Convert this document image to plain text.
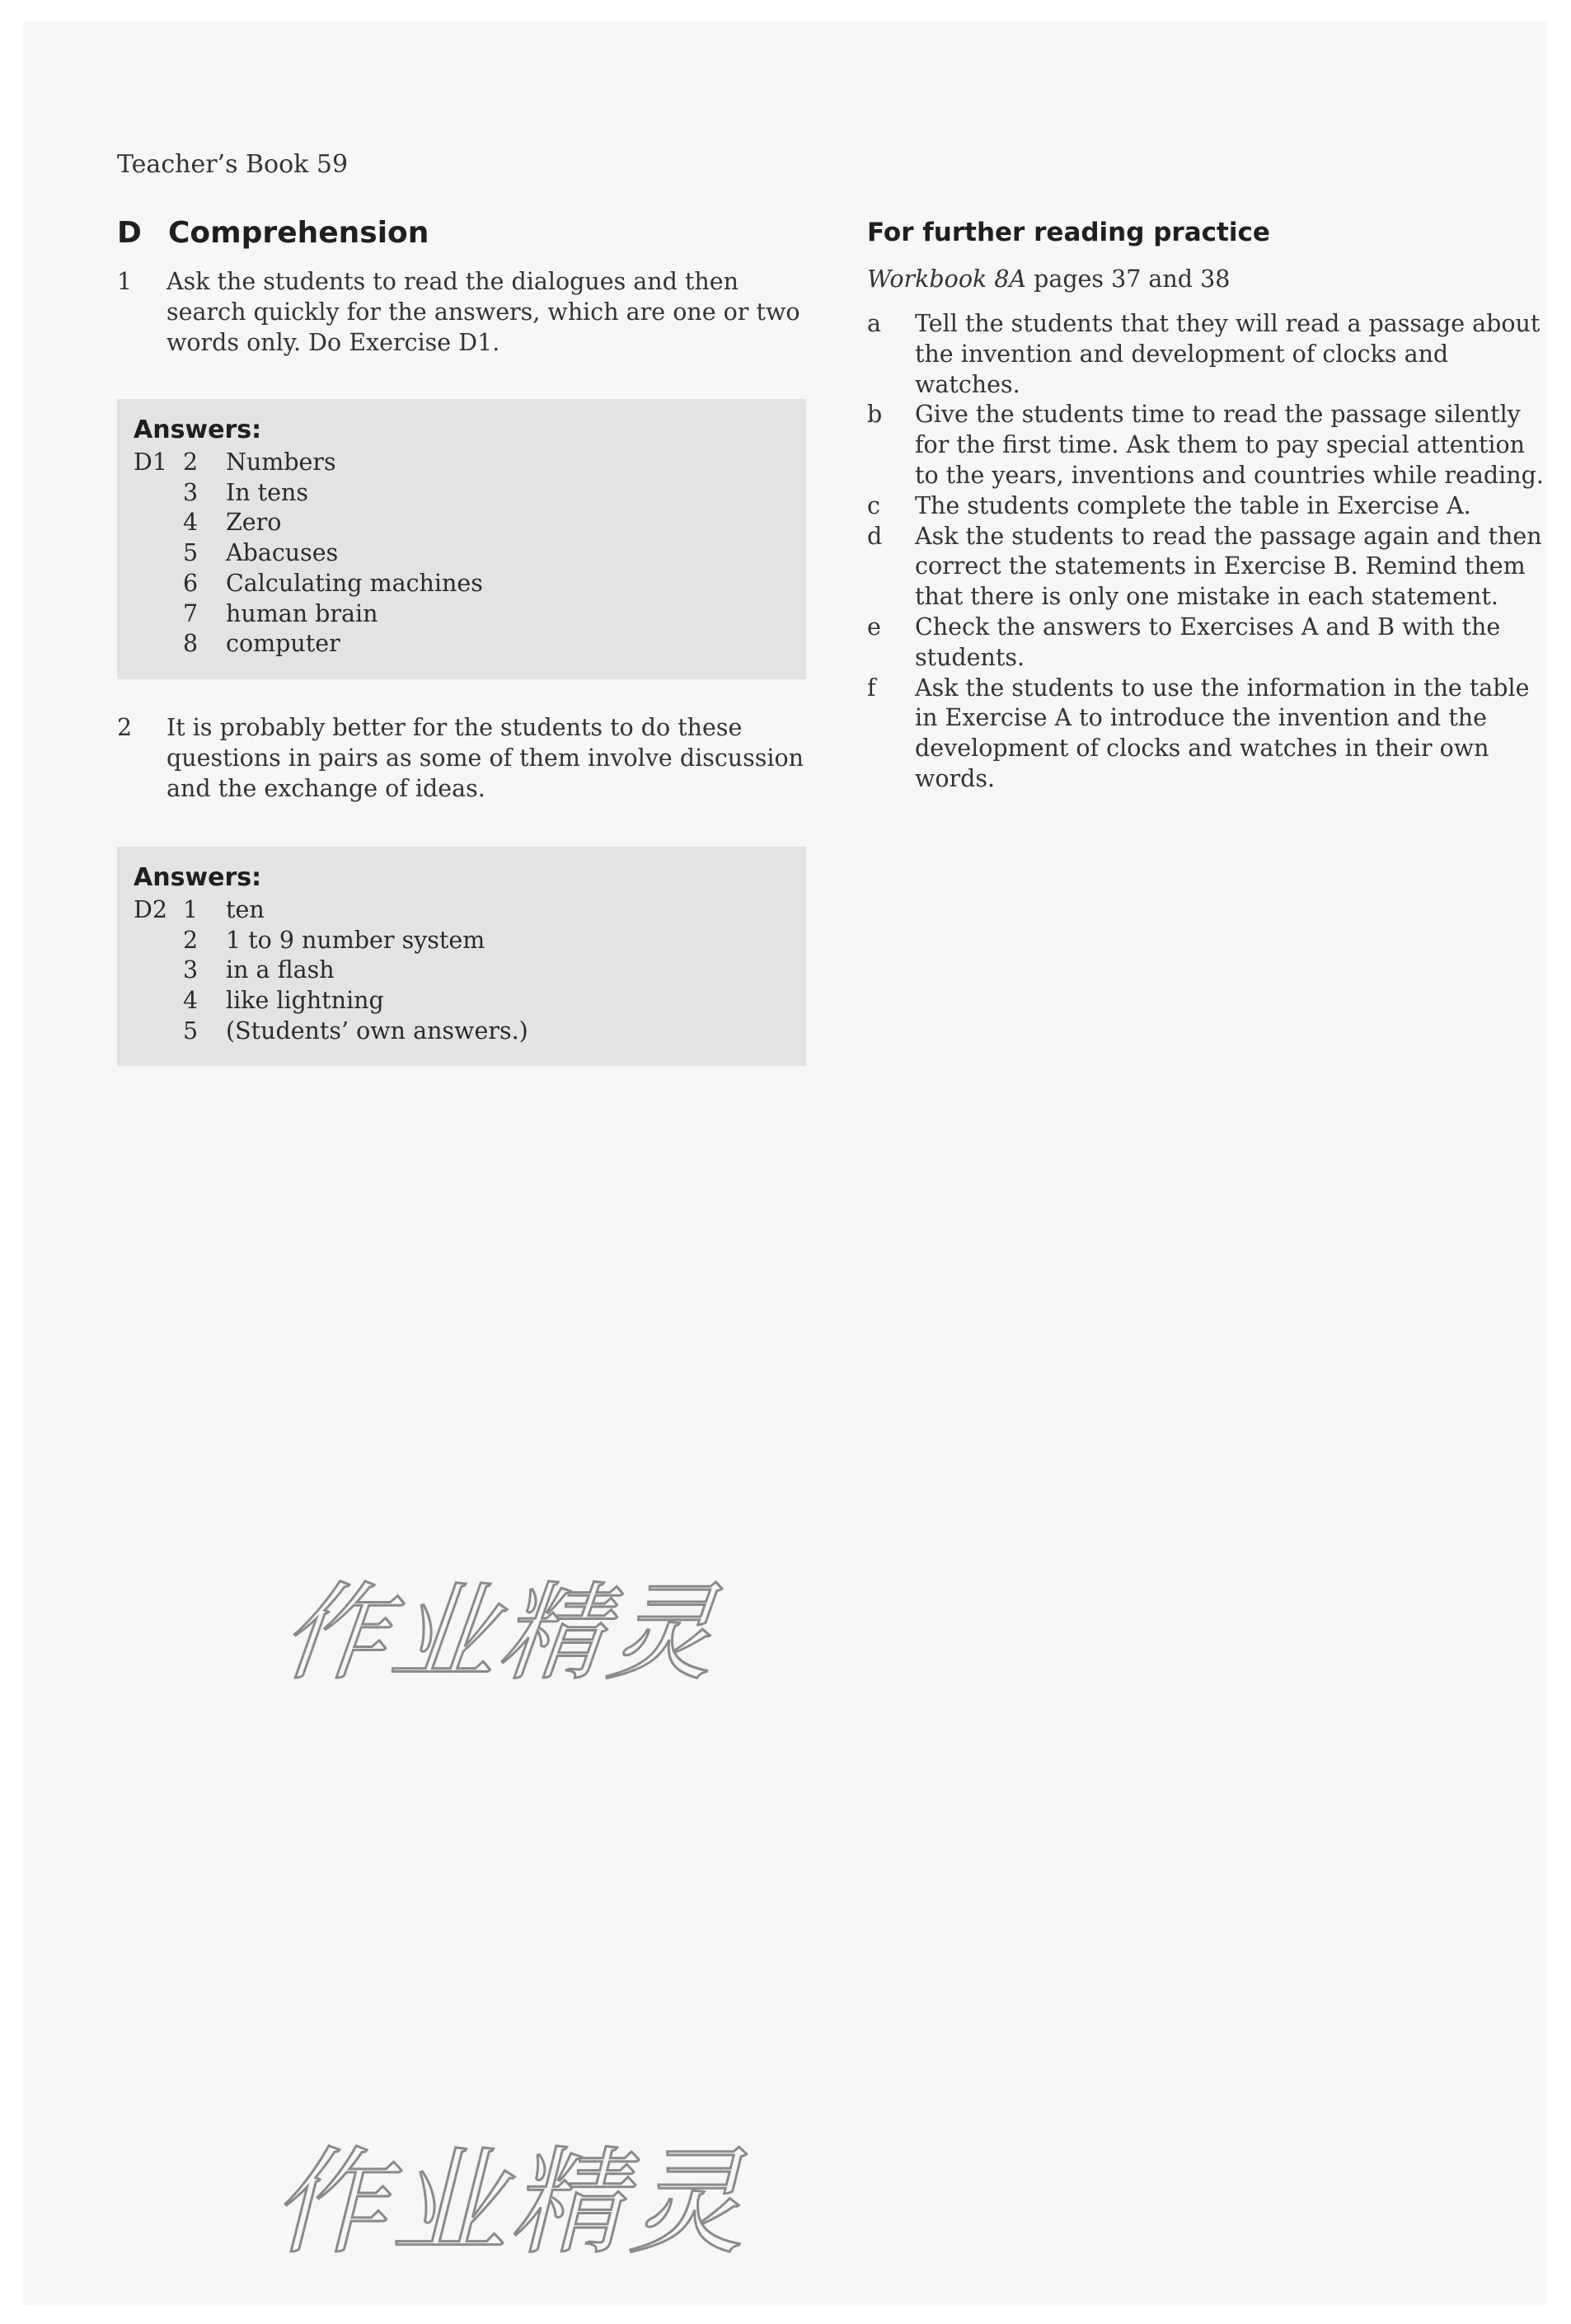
Teacher’s Book 59
D Comprehension
1	Ask the students to read the dialogues and then search quickly for the answers, which are one or two words only. Do Exercise D1.
Answers:
D1 2	Numbers
3	In tens
4	Zero
5	Abacuses
6	Calculating machines
7	human brain
8	computer
2	It is probably better for the students to do these questions in pairs as some of them involve discussion and the exchange of ideas.
Answers:
D2 1	ten
2	1 to 9 number system
3	in a flash
4	like lightning
5	(Students’ own answers.)
For further reading practice
Workbook 8A pages 37 and 38
a	Tell the students that they will read a passage about the invention and development of clocks and watches.
b	Give the students time to read the passage silently for the first time. Ask them to pay special attention to the years, inventions and countries while reading.
c	The students complete the table in Exercise A.
d	Ask the students to read the passage again and then correct the statements in Exercise B. Remind them that there is only one mistake in each statement.
e	Check the answers to Exercises A and B with the students.
f	Ask the students to use the information in the table in Exercise A to introduce the invention and the development of clocks and watches in their own words.
作业精灵
作业精灵
